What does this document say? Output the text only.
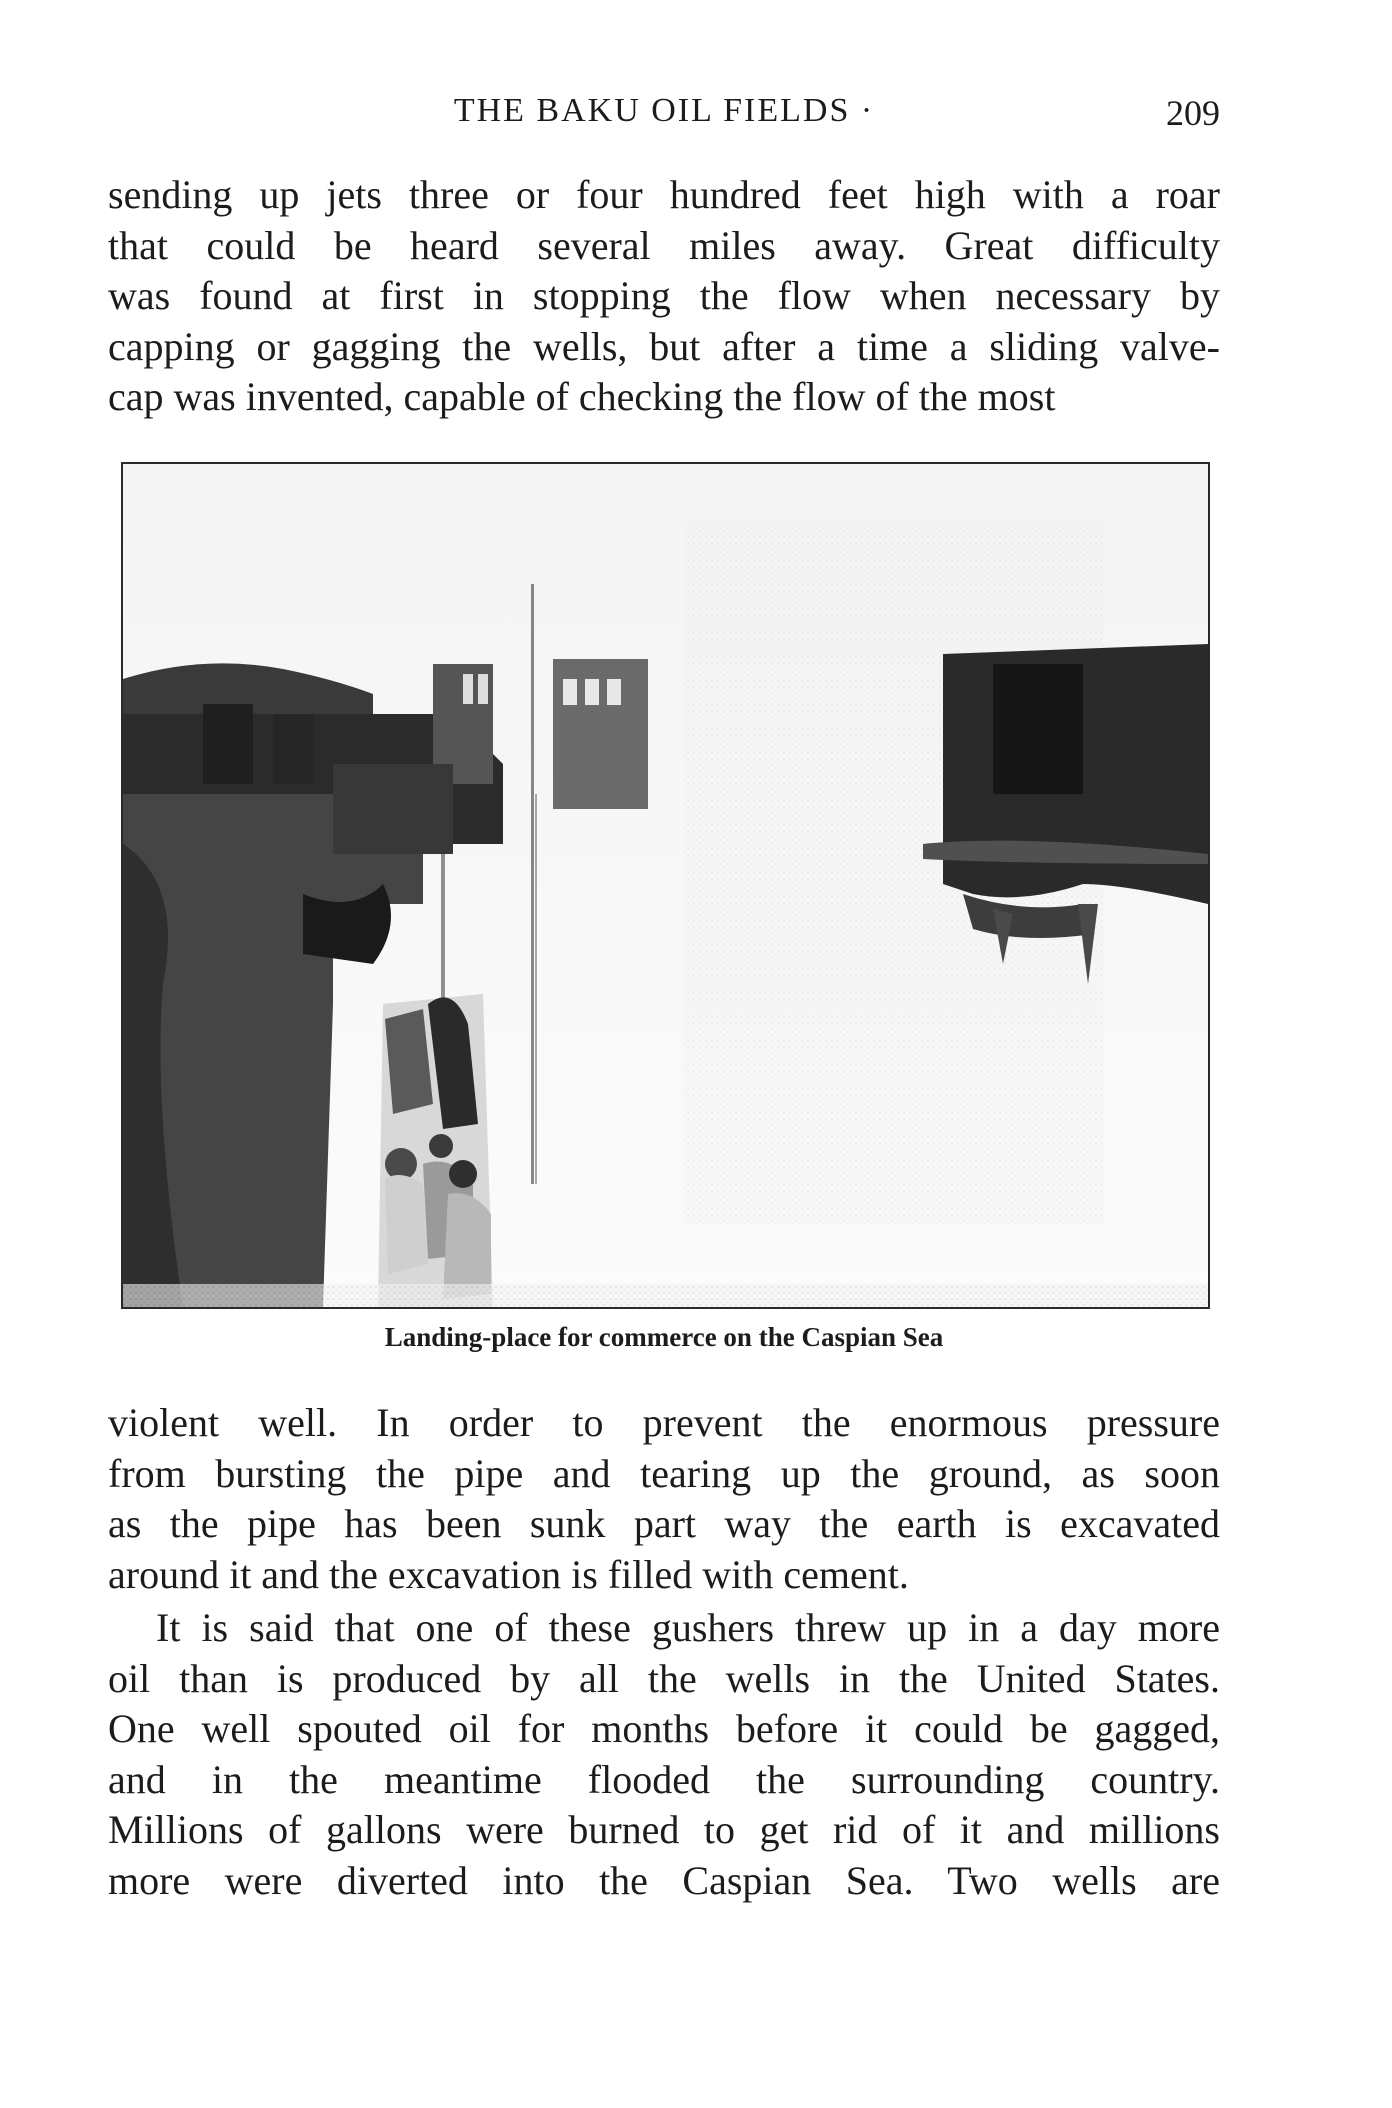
THE BAKU OIL FIELDS ·	209

sending up jets three or four hundred feet high with a roar
that could be heard several miles away. Great difficulty
was found at first in stopping the flow when necessary by
capping or gagging the wells, but after a time a sliding valve-
cap was invented, capable of checking the flow of the most

Landing-place for commerce on the Caspian Sea

violent well. In order to prevent the enormous pressure
from bursting the pipe and tearing up the ground, as soon
as the pipe has been sunk part way the earth is excavated
around it and the excavation is filled with cement.

It is said that one of these gushers threw up in a day more
oil than is produced by all the wells in the United States.
One well spouted oil for months before it could be gagged,
and in the meantime flooded the surrounding country.
Millions of gallons were burned to get rid of it and millions
more were diverted into the Caspian Sea. Two wells are
